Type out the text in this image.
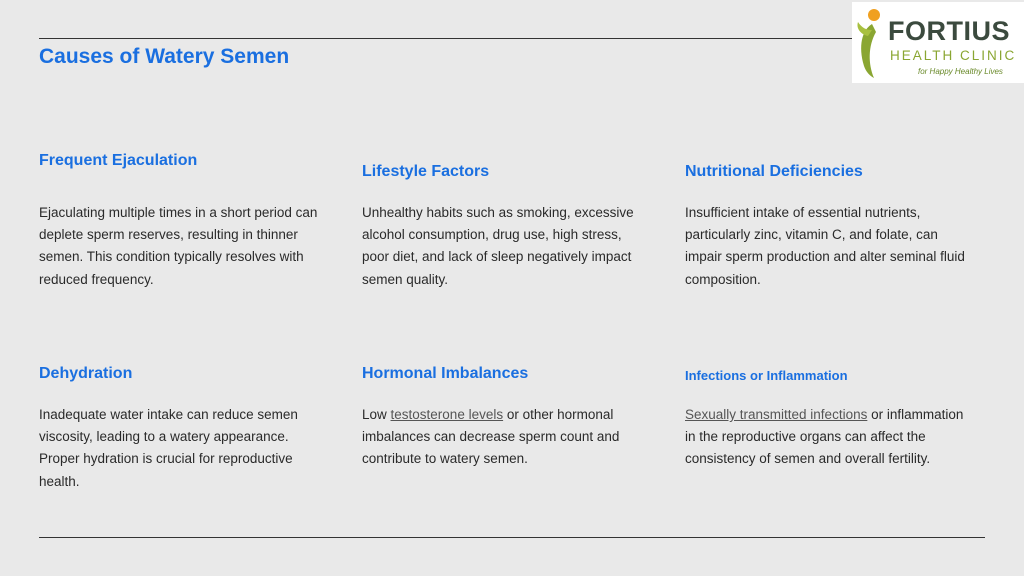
Causes of Watery Semen
FORTIUS
HEALTH CLINIC
for Happy Healthy Lives
Frequent Ejaculation

Ejaculating multiple times in a short period can deplete sperm reserves, resulting in thinner semen. This condition typically resolves with reduced frequency.

Lifestyle Factors

Unhealthy habits such as smoking, excessive alcohol consumption, drug use, high stress, poor diet, and lack of sleep negatively impact semen quality.

Nutritional Deficiencies

Insufficient intake of essential nutrients, particularly zinc, vitamin C, and folate, can impair sperm production and alter seminal fluid composition.

Dehydration

Inadequate water intake can reduce semen viscosity, leading to a watery appearance. Proper hydration is crucial for reproductive health.

Hormonal Imbalances

Low testosterone levels or other hormonal imbalances can decrease sperm count and contribute to watery semen.

Infections or Inflammation

Sexually transmitted infections or inflammation in the reproductive organs can affect the consistency of semen and overall fertility.
